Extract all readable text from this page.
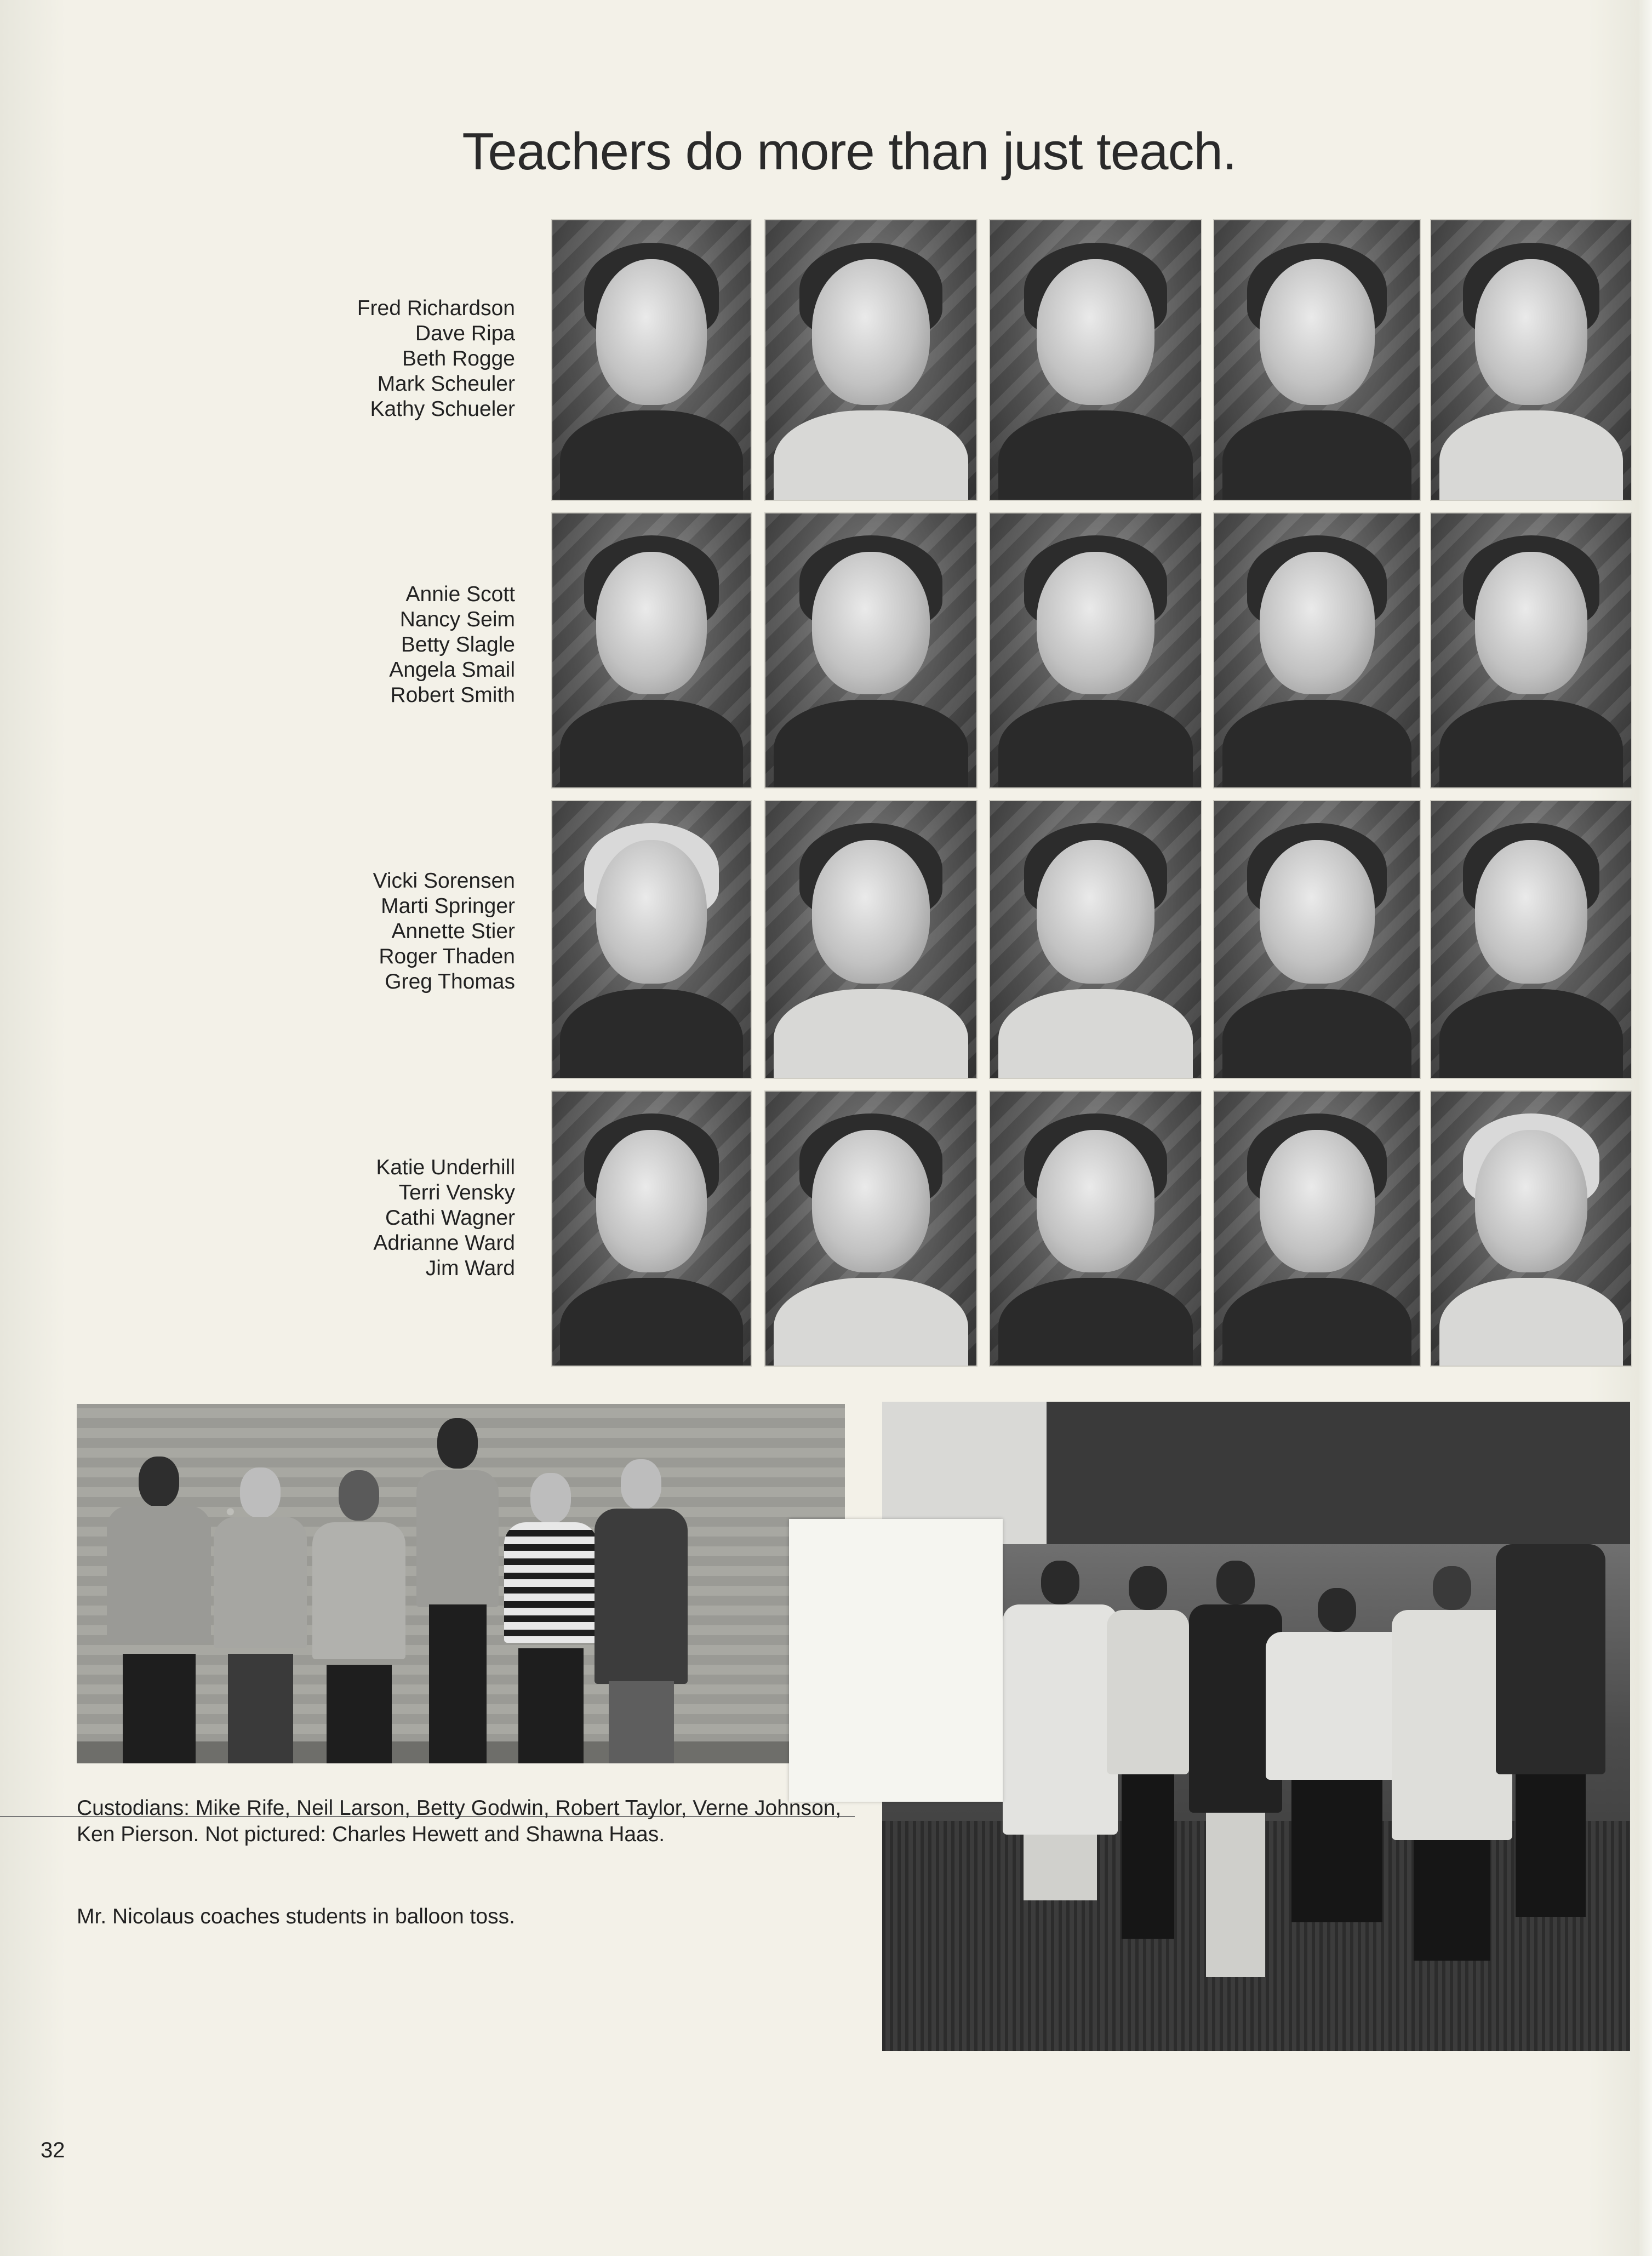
Teachers do more than just teach.
Fred Richardson
Dave Ripa
Beth Rogge
Mark Scheuler
Kathy Schueler
Annie Scott
Nancy Seim
Betty Slagle
Angela Smail
Robert Smith
Vicki Sorensen
Marti Springer
Annette Stier
Roger Thaden
Greg Thomas
Katie Underhill
Terri Vensky
Cathi Wagner
Adrianne Ward
Jim Ward
Custodians: Mike Rife, Neil Larson, Betty Godwin, Robert Taylor, Verne Johnson, Ken Pierson. Not pictured: Charles Hewett and Shawna Haas.
Mr. Nicolaus coaches students in balloon toss.
32
